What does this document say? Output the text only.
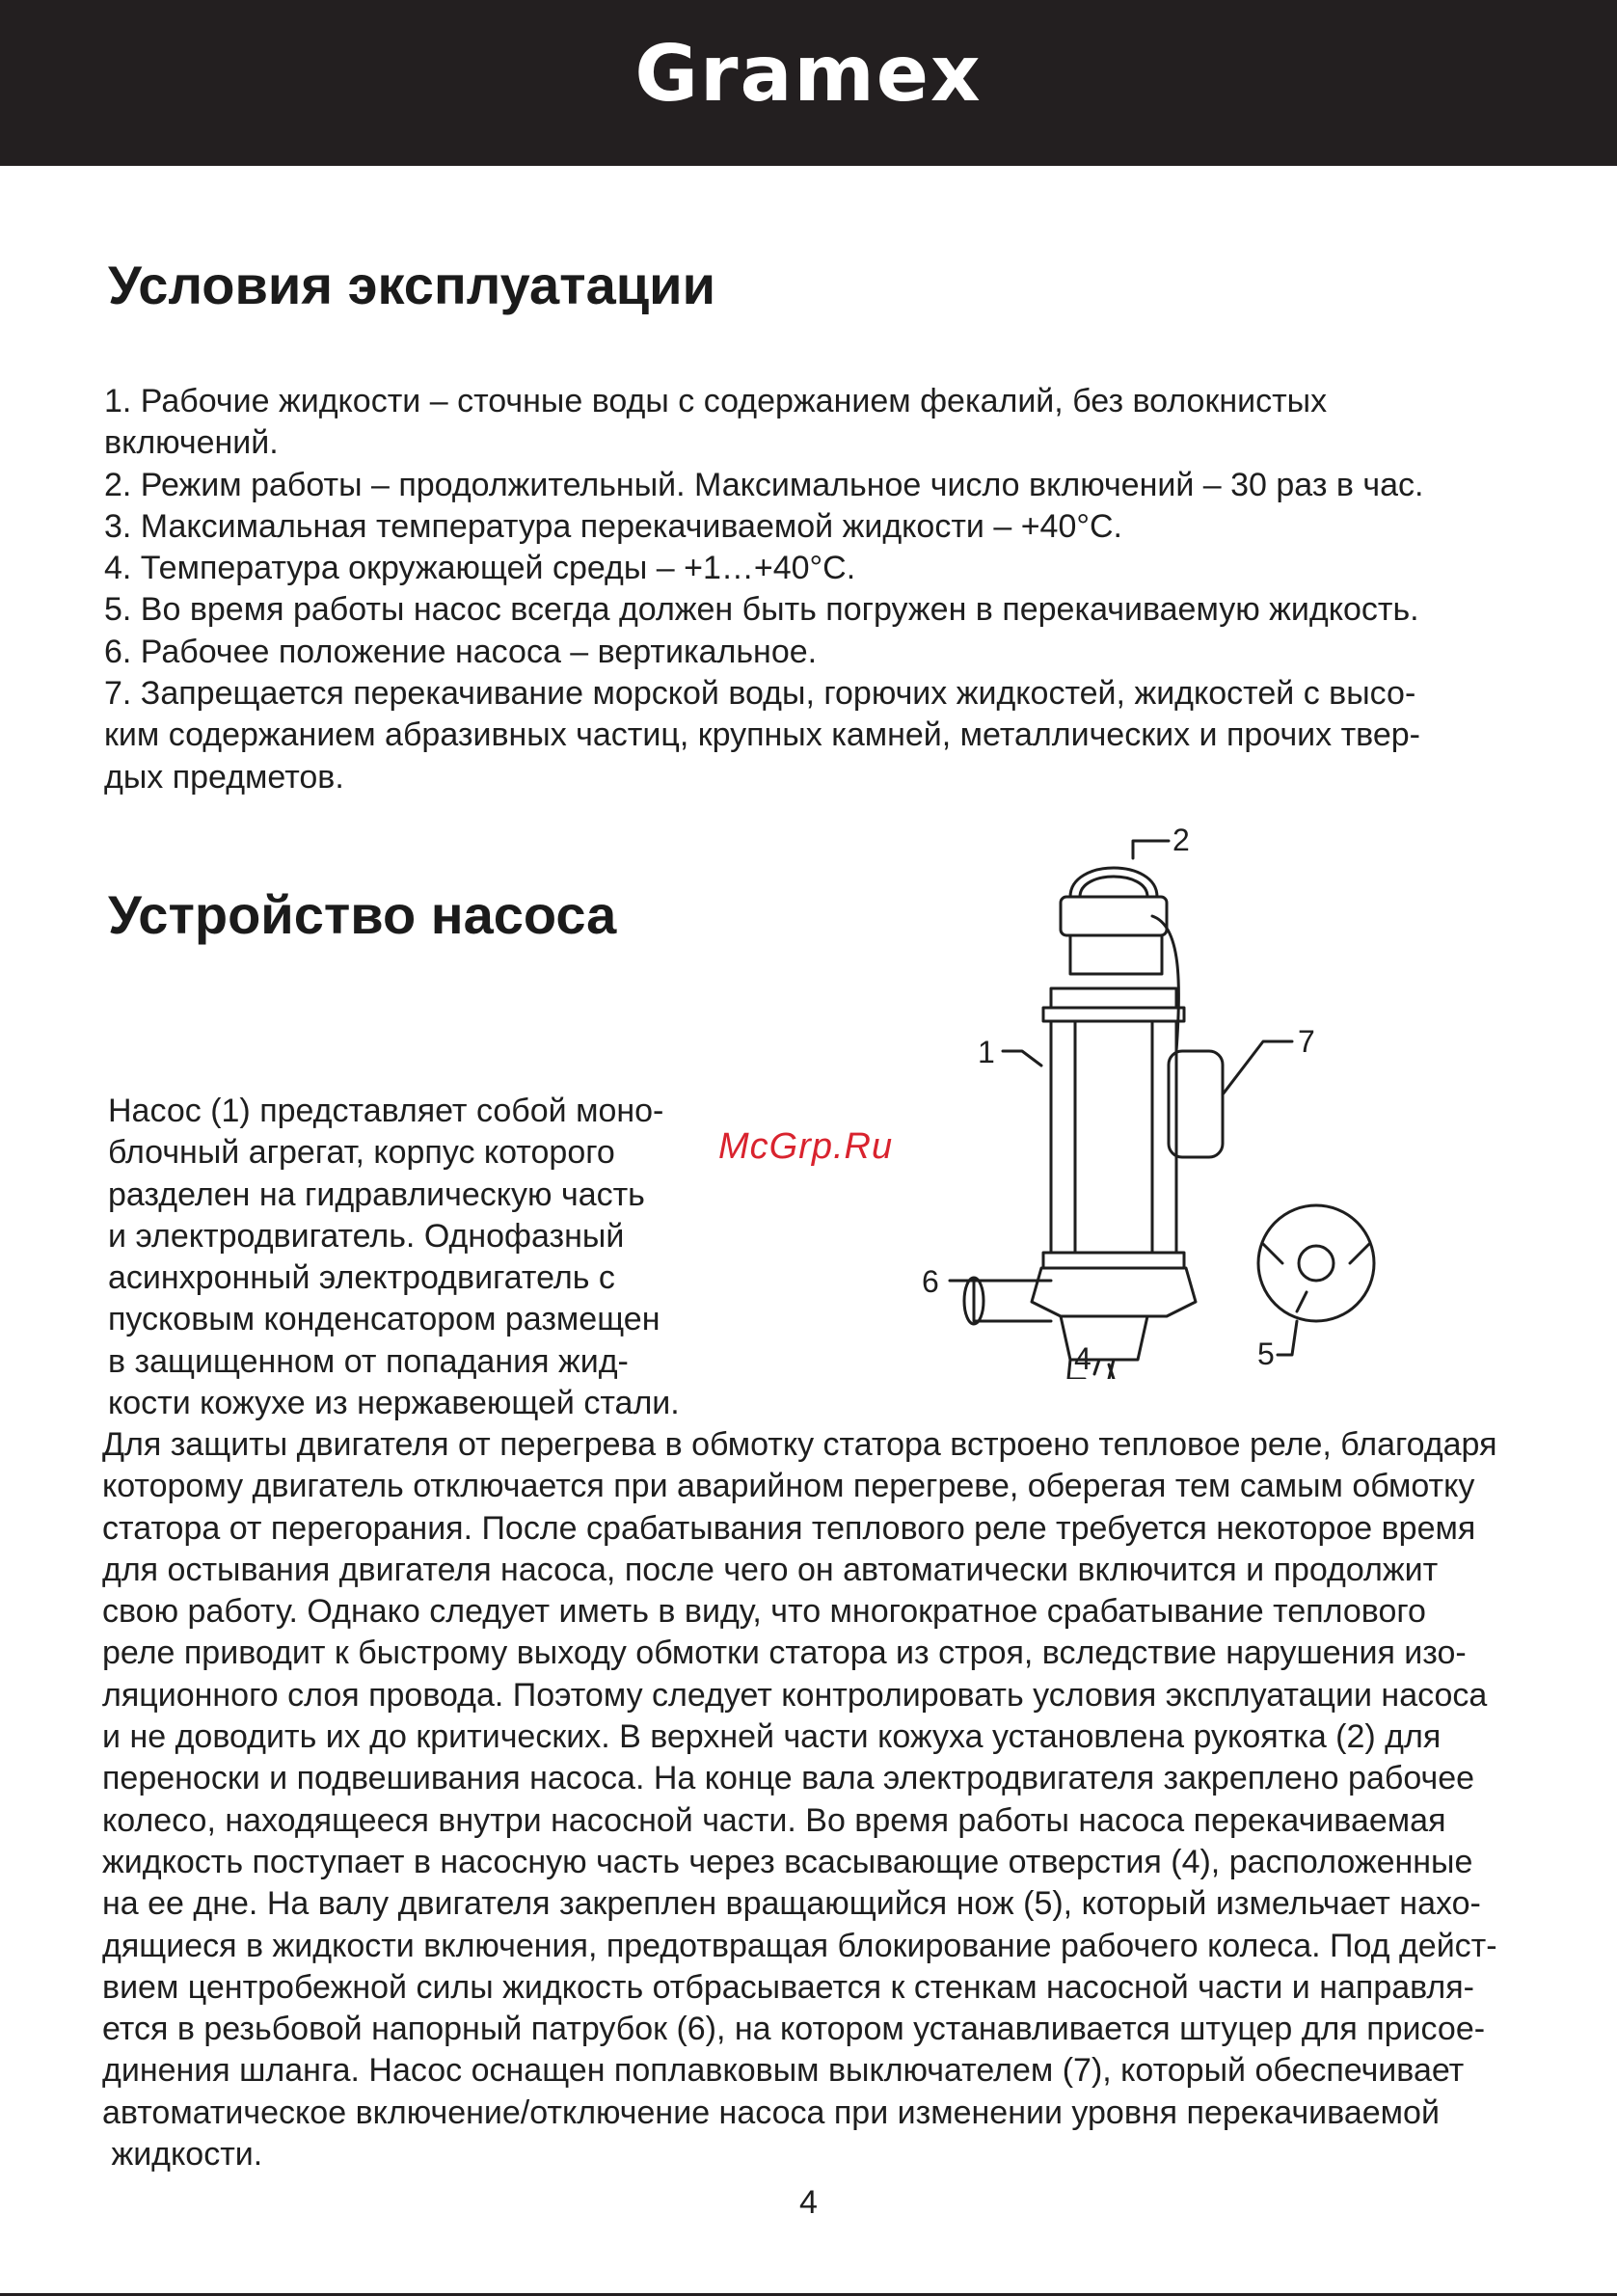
Gramex
Условия эксплуатации
1. Рабочие жидкости – сточные воды с содержанием фекалий, без волокнистых
включений.
2. Режим работы – продолжительный. Максимальное число включений – 30 раз в час.
3. Максимальная температура перекачиваемой жидкости – +40°С.
4. Температура окружающей среды – +1…+40°С.
5. Во время работы насос всегда должен быть погружен в перекачиваемую жидкость.
6. Рабочее положение насоса – вертикальное.
7. Запрещается перекачивание морской воды, горючих жидкостей, жидкостей с высо-
ким содержанием абразивных частиц, крупных камней, металлических и прочих твер-
дых предметов.
Устройство насоса
Насос (1) представляет собой моно-
блочный агрегат, корпус которого
разделен на гидравлическую часть
и электродвигатель. Однофазный
асинхронный электродвигатель с
пусковым конденсатором размещен
в защищенном от попадания жид-
кости кожухе из нержавеющей стали.
McGrp.Ru
2
1	7
6
4	5
Для защиты двигателя от перегрева в обмотку статора встроено тепловое реле, благодаря
которому двигатель отключается при аварийном перегреве, оберегая тем самым обмотку
статора от перегорания. После срабатывания теплового реле требуется некоторое время
для остывания двигателя насоса, после чего он автоматически включится и продолжит
свою работу. Однако следует иметь в виду, что многократное срабатывание теплового
реле приводит к быстрому выходу обмотки статора из строя, вследствие нарушения изо-
ляционного слоя провода. Поэтому следует контролировать условия эксплуатации насоса
и не доводить их до критических. В верхней части кожуха установлена рукоятка (2) для
переноски и подвешивания насоса. На конце вала электродвигателя закреплено рабочее
колесо, находящееся внутри насосной части. Во время работы насоса перекачиваемая
жидкость поступает в насосную часть через всасывающие отверстия (4), расположенные
на ее дне. На валу двигателя закреплен вращающийся нож (5), который измельчает нахо-
дящиеся в жидкости включения, предотвращая блокирование рабочего колеса. Под дейст-
вием центробежной силы жидкость отбрасывается к стенкам насосной части и направля-
ется в резьбовой напорный патрубок (6), на котором устанавливается штуцер для присое-
динения шланга. Насос оснащен поплавковым выключателем (7), который обеспечивает
автоматическое включение/отключение насоса при изменении уровня перекачиваемой
жидкости.
4
